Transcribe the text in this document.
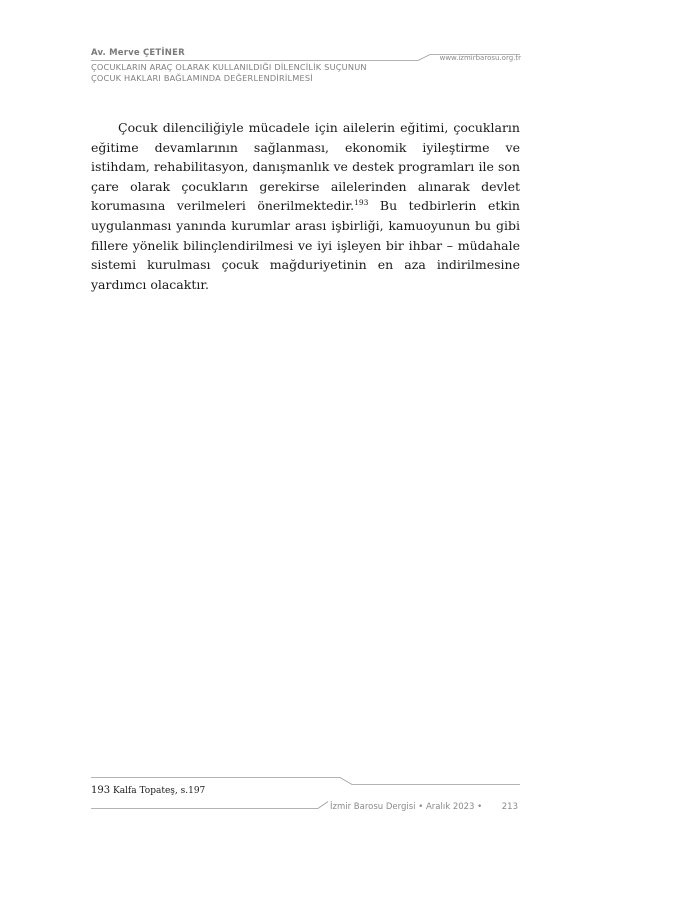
Av. Merve ÇETİNER	www.izmirbarosu.org.tr
ÇOCUKLARIN ARAÇ OLARAK KULLANILDIĞI DİLENCİLİK SUÇUNUN
ÇOCUK HAKLARI BAĞLAMINDA DEĞERLENDİRİLMESİ

Çocuk dilenciliğiyle mücadele için ailelerin eğitimi, çocukların eğitime devamlarının sağlanması, ekonomik iyileştirme ve istihdam, rehabilitasyon, danışmanlık ve destek programları ile son çare olarak çocukların gerekirse ailelerinden alınarak devlet korumasına verilmeleri önerilmektedir.$^{193}$ Bu tedbirlerin etkin uygulanması yanında kurumlar arası işbirliği, kamuoyunun bu gibi fillere yönelik bilinçlendirilmesi ve iyi işleyen bir ihbar – müdahale sistemi kurulması çocuk mağduriyetinin en aza indirilmesine yardımcı olacaktır.

193 Kalfa Topateş, s.197
İzmir Barosu Dergisi • Aralık 2023 • 213
